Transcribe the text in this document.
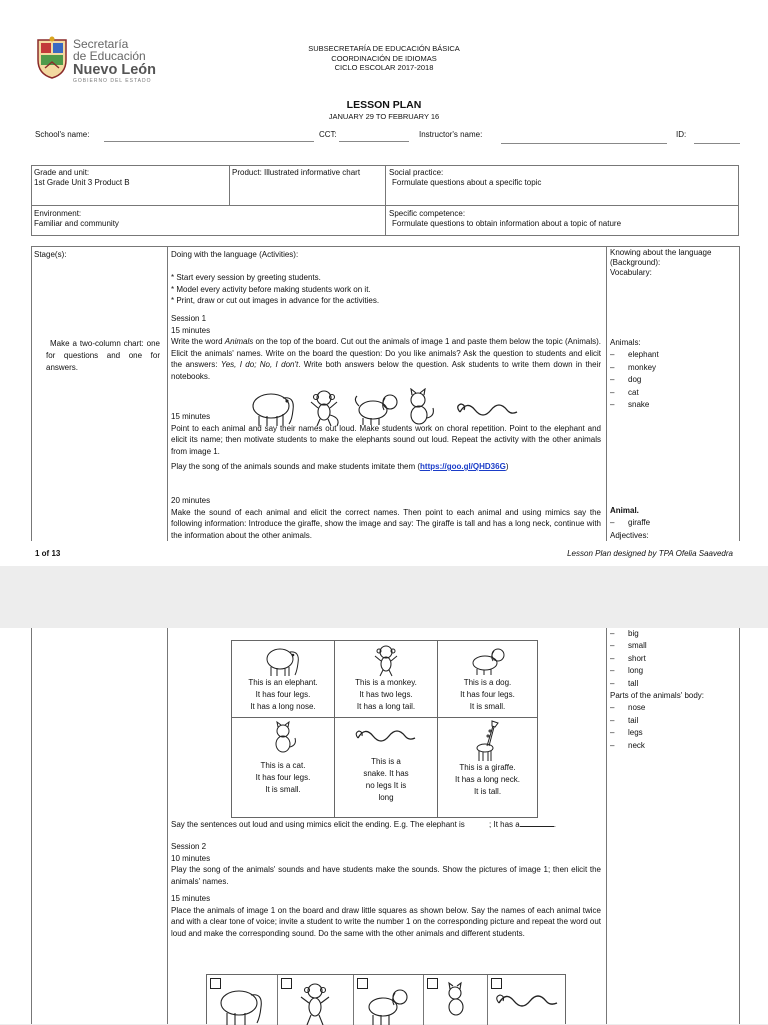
Secretaría
de Educación
Nuevo León
GOBIERNO DEL ESTADO
SUBSECRETARÍA DE EDUCACIÓN BÁSICA
COORDINACIÓN DE IDIOMAS
CICLO ESCOLAR 2017-2018
LESSON PLAN
JANUARY 29 TO FEBRUARY 16
School's name:	CCT:	Instructor's name:	ID:
Grade and unit:
1st Grade Unit 3 Product B
Product: Illustrated informative chart	Social practice:
Formulate questions about a specific topic
Environment:
Familiar and community
Specific competence:
Formulate questions to obtain information about a topic of nature
Stage(s):	Doing with the language (Activities):	Knowing about the language (Background):
Vocabulary:
Make a two-column chart: one for questions and one for answers.
* Start every session by greeting students.
* Model every activity before making students work on it.
* Print, draw or cut out images in advance for the activities.
Session 1
15 minutes
Write the word Animals on the top of the board. Cut out the animals of image 1 and paste them below the topic (Animals). Elicit the animals' names. Write on the board the question: Do you like animals? Ask the question to students and elicit the answers: Yes, I do; No, I don't. Write both answers below the question. Ask students to write them down in their notebooks.
15 minutes
Point to each animal and say their names out loud. Make students work on choral repetition. Point to the elephant and elicit its name; then motivate students to make the elephants sound out loud. Repeat the activity with the other animals from image 1.
Play the song of the animals sounds and make students imitate them (https://goo.gl/QHD36G)
20 minutes
Make the sound of each animal and elicit the correct names. Then point to each animal and using mimics say the following information: Introduce the giraffe, show the image and say: The giraffe is tall and has a long neck, continue with the information about the other animals.
Animals:
– elephant
– monkey
– dog
– cat
– snake
Animal.
– giraffe
Adjectives:
1 of 13	Lesson Plan designed by TPA Ofelia Saavedra
This is an elephant.
It has four legs.
It has a long nose.
This is a monkey.
It has two legs.
It has a long tail.
This is a dog.
It has four legs.
It is small.
This is a cat.
It has four legs.
It is small.
This is a
snake. It has
no legs It is
long
This is a giraffe.
It has a long neck.
It is tall.
Say the sentences out loud and using mimics elicit the ending. E.g. The elephant is	; It has a	.
Session 2
10 minutes
Play the song of the animals' sounds and have students make the sounds. Show the pictures of image 1; then elicit the animals' names.
15 minutes
Place the animals of image 1 on the board and draw little squares as shown below. Say the names of each animal twice and with a clear tone of voice; invite a student to write the number 1 on the corresponding picture and repeat the word out loud and make the corresponding sound. Do the same with the other animals and different students.
– big
– small
– short
– long
– tall
Parts of the animals' body:
– nose
– tail
– legs
– neck
